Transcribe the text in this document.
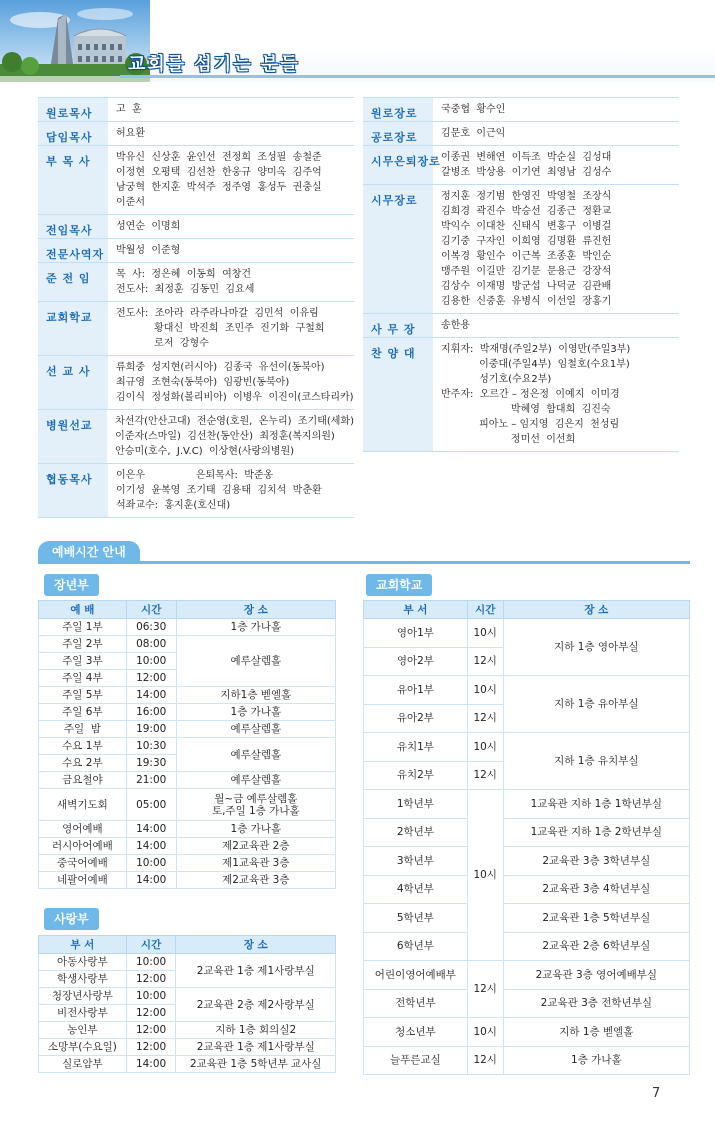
교회를 섬기는 분들
원로목사	고  훈
담임목사	허요환
부 목 사	박유신  신상훈  윤인선  전정희  조성필  송철준
이정현  오평택  김선찬  한웅규  양미옥  김주억
남궁혁  한지훈  박석주  정주영  홍성두  권충실
이준서
전임목사	성연순  이명희
전문사역자	박월성  이준형
준 전 임	목  사:  정은혜  이동희  여창건
전도사:  최정훈  김동민  김요세
교회학교	전도사:  조아라  라주라나마갈  김민석  이유림
황대신  박진희  조민주  진기화  구철희
로저  강형수
선 교 사	류희중  성지현(러시아)  김종국  유선이(동북아)
최규영  조현숙(동북아)  임광빈(동북아)
김이식  정성화(볼리비아)  이병우  이진이(코스타리카)
병원선교	차선각(안산고대)  전순영(호원,  온누리)  조기태(세화)
이준자(스마일)  김선찬(동안산)  최정훈(복지의원)
안승미(호수,  J.V.C)  이상현(사랑의병원)
협동목사	이은우                은퇴목사:  박준옹
이기성  윤복영  조기태  김용태  김치석  박춘환
석좌교수:  홍지훈(호신대)
원로장로	국중협  황수인
공로장로	김문호  이근익
시무은퇴장로 이종권  변해연  이득조  박순실  김성대
갈병조  박상용  이기연  최영남  김성수
시무장로	정지훈  정기범  한영진  박영철  조장식
김희경  곽진수  박승선  김종근  정환교
박익수  이대찬  신태식  변홍구  이병걸
김기중  구자인  이희영  김명환  류진헌
이복경  황인수  이근복  조종훈  박인순
맹주원  이길만  김기문  문용근  강장석
김상수  이재명  방군섭  나덕균  김관배
김용한  신중훈  유병식  이선일  장홍기
사 무 장	송한용
찬 양 대	지휘자:  박재명(주일2부)  이영만(주일3부)
이중대(주일4부)  임철호(수요1부)
성기호(수요2부)
반주자:  오르간 – 정은정  이예지  이미경
박혜영  함대희  김진숙
피아노 – 임지영  김은지  천성림
정미선  이선희
예배시간 안내
장년부
사랑부
교회학교
예 배	시간	장 소
주일 1부	06:30	1층 가나홀
주일 2부	08:00	예루살렘홀
주일 3부	10:00	
주일 4부	12:00	
주일 5부	14:00	지하1층 벧엘홀
주일 6부	16:00	1층 가나홀
주일  밤	19:00	예루살렘홀
수요 1부	10:30	예루살렘홀
수요 2부	19:30	
금요철야	21:00	예루살렘홀
새벽기도회	05:00	월~금 예루살렘홀
토,주일 1층 가나홀
영어예배	14:00	1층 가나홀
러시아어예배	14:00	제2교육관 2층
중국어예배	10:00	제1교육관 3층
네팔어예배	14:00	제2교육관 3층
부 서	시간	장 소
아동사랑부	10:00	2교육관 1층 제1사랑부실
학생사랑부	12:00	
청장년사랑부	10:00	2교육관 2층 제2사랑부실
비전사랑부	12:00	
농인부	12:00	지하 1층 회의실2
소망부(수요일)	12:00	2교육관 1층 제1사랑부실
실로암부	14:00	2교육관 1층 5학년부 교사실
부 서	시간	장 소
영아1부	10시	지하 1층 영아부실
영아2부	12시	
유아1부	10시	지하 1층 유아부실
유아2부	12시	
유치1부	10시	지하 1층 유치부실
유치2부	12시	
1학년부	10시	1교육관 지하 1층 1학년부실
2학년부		1교육관 지하 1층 2학년부실
3학년부		2교육관 3층 3학년부실
4학년부		2교육관 3층 4학년부실
5학년부		2교육관 1층 5학년부실
6학년부		2교육관 2층 6학년부실
어린이영어예배부	12시	2교육관 3층 영어예배부실
전학년부		2교육관 3층 전학년부실
청소년부	10시	지하 1층 벧엘홀
늘푸른교실	12시	1층 가나홀
7
